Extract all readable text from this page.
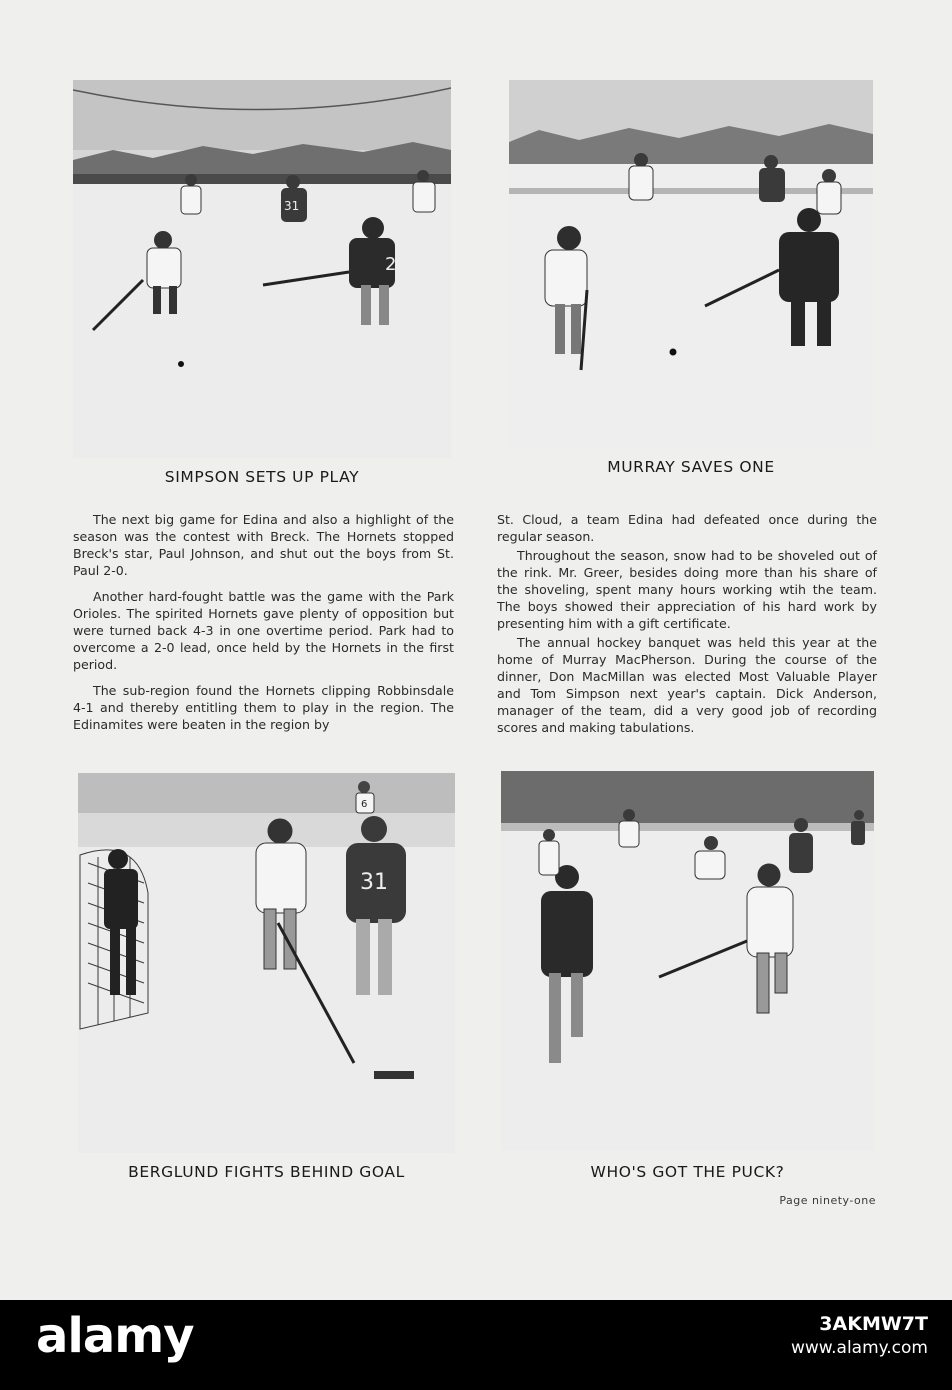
2
31
SIMPSON SETS UP PLAY
MURRAY SAVES ONE

The next big game for Edina and also a highlight of the season was the contest with Breck. The Hornets stopped Breck's star, Paul Johnson, and shut out the boys from St. Paul 2-0.

Another hard-fought battle was the game with the Park Orioles. The spirited Hornets gave plenty of opposition but were turned back 4-3 in one overtime period. Park had to overcome a 2-0 lead, once held by the Hornets in the first period.

The sub-region found the Hornets clipping Robbinsdale 4-1 and thereby entitling them to play in the region. The Edinamites were beaten in the region by

St. Cloud, a team Edina had defeated once during the regular season.

Throughout the season, snow had to be shoveled out of the rink. Mr. Greer, besides doing more than his share of the shoveling, spent many hours working wtih the team. The boys showed their appreciation of his hard work by presenting him with a gift certificate.

The annual hockey banquet was held this year at the home of Murray MacPherson. During the course of the dinner, Don MacMillan was elected Most Valuable Player and Tom Simpson next year's captain. Dick Anderson, manager of the team, did a very good job of recording scores and making tabulations.

31
6
BERGLUND FIGHTS BEHIND GOAL	WHO'S GOT THE PUCK?
Page ninety-one
alamy	3AKMW7T
www.alamy.com
